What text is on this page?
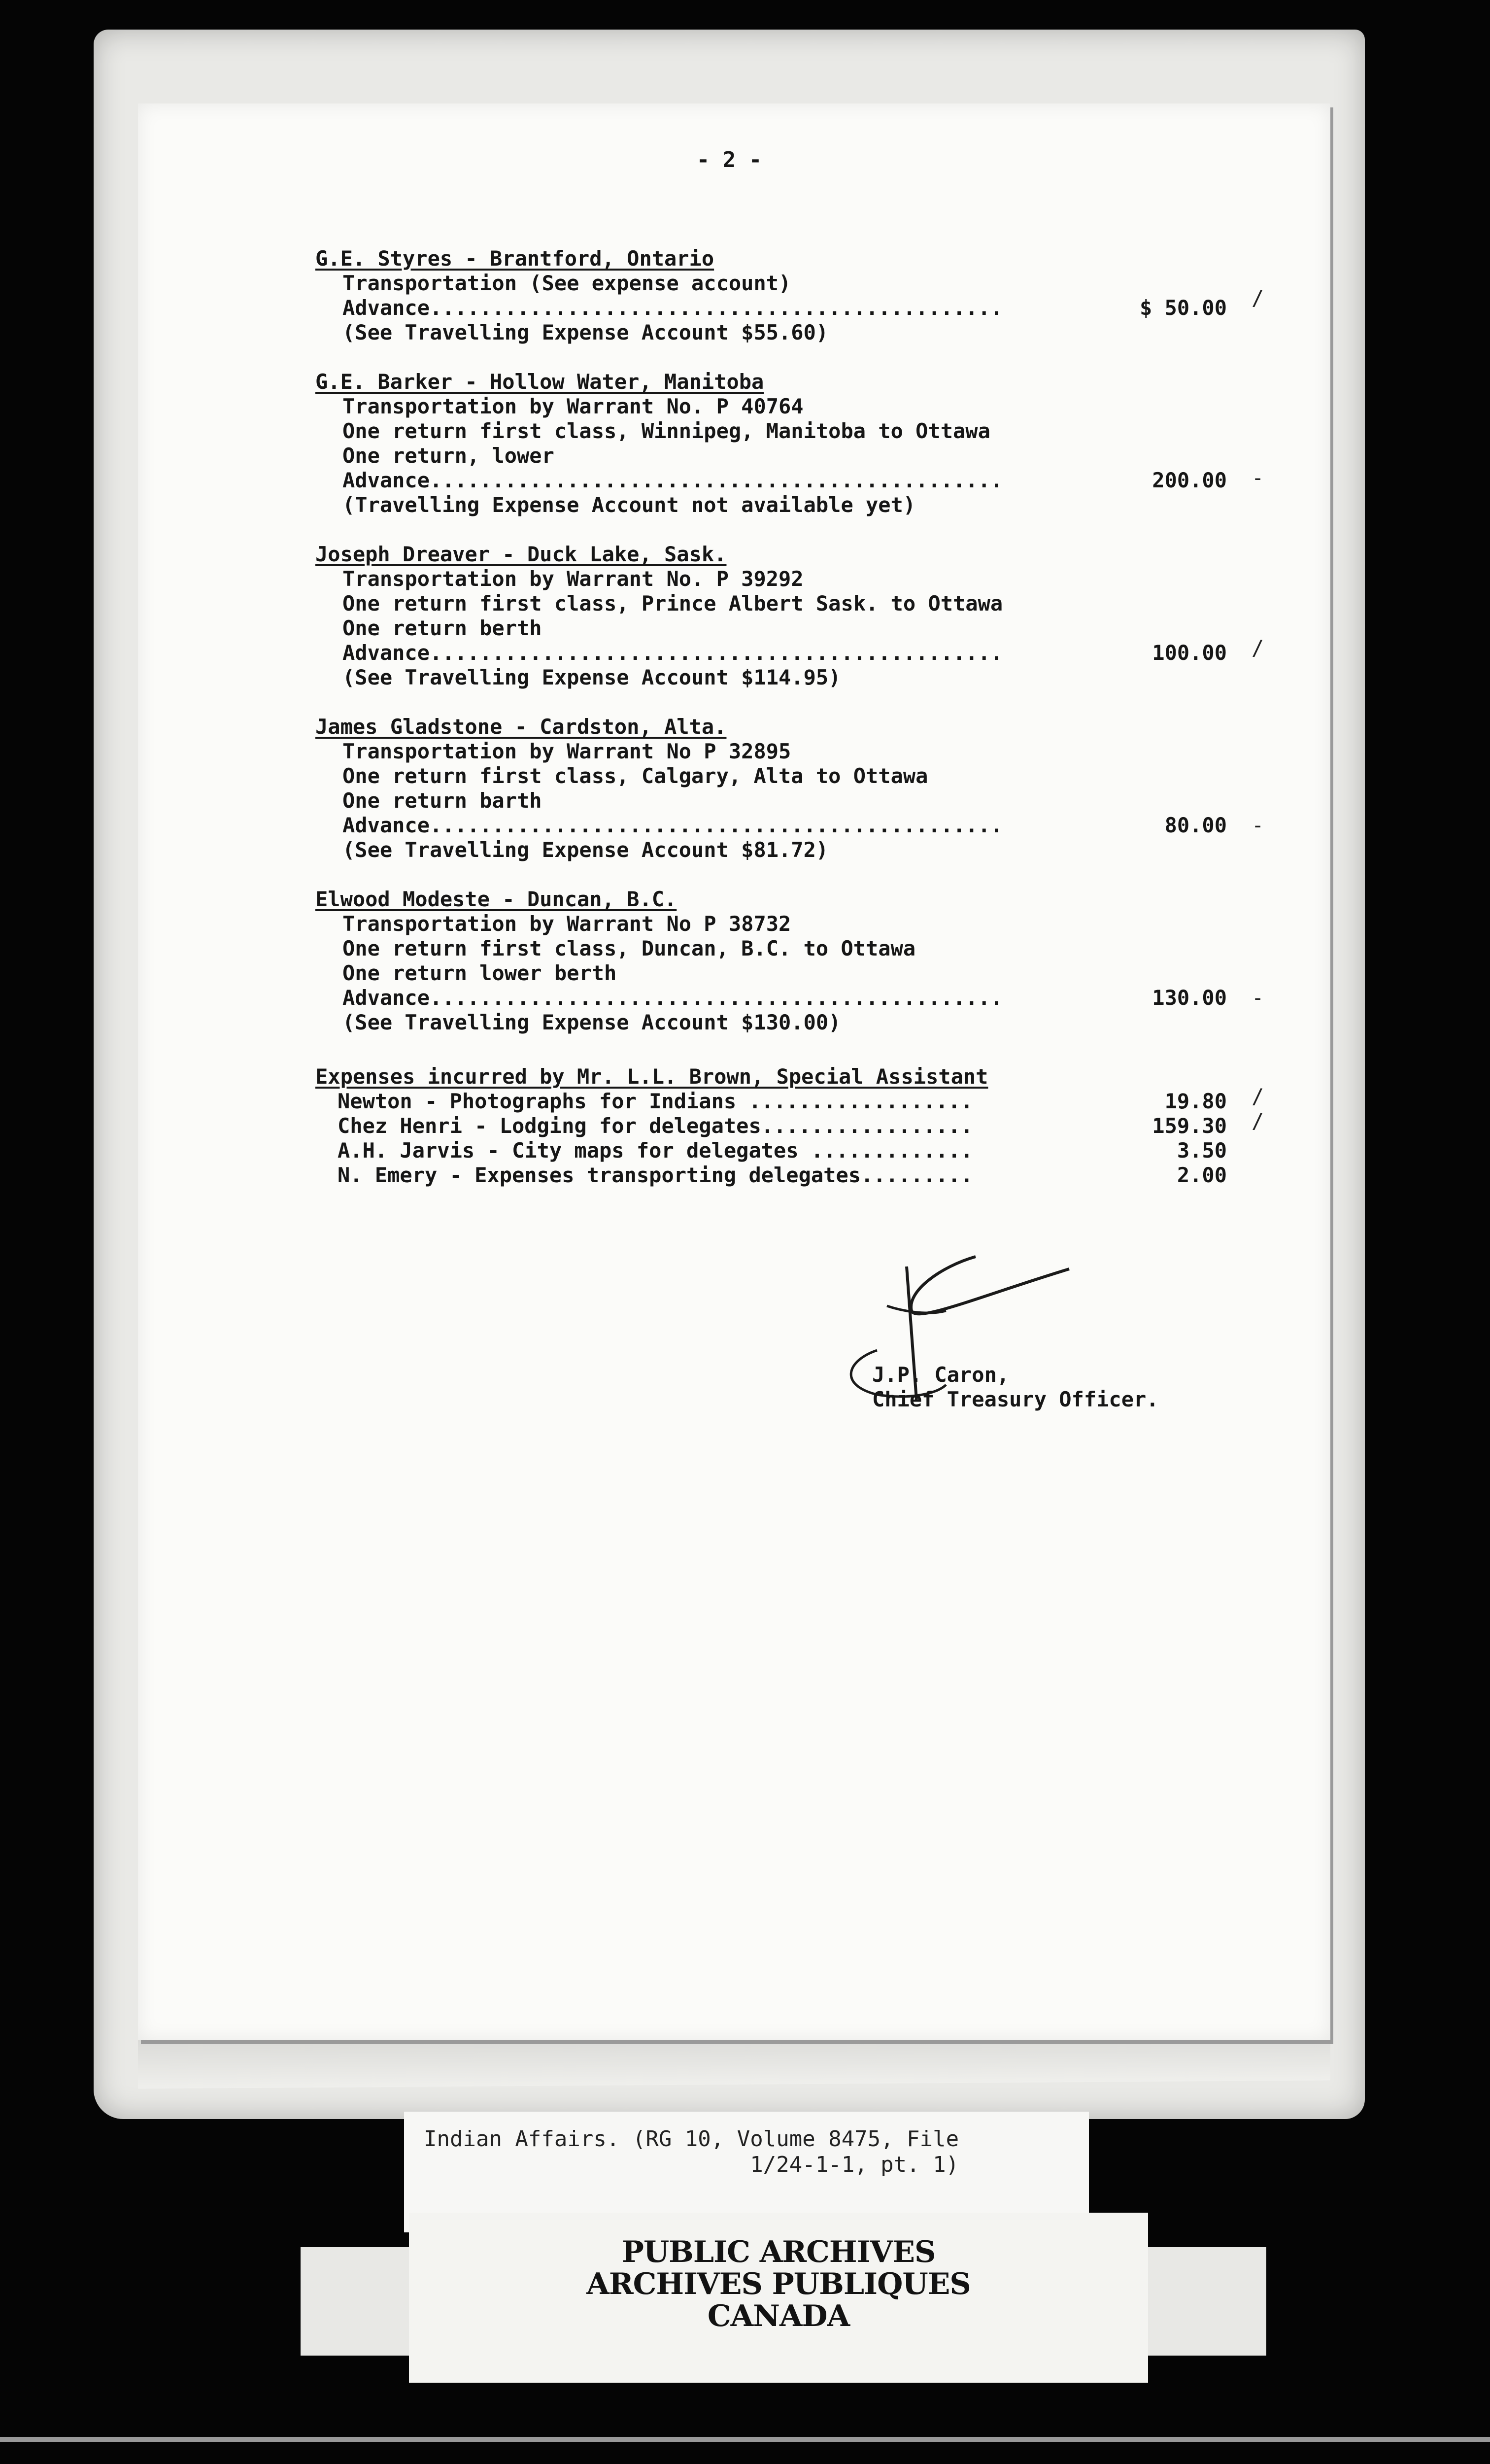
- 2 -
G.E. Styres - Brantford, Ontario
Transportation (See expense account)
Advance..............................................
(See Travelling Expense Account $55.60)
$ 50.00 /
G.E. Barker - Hollow Water, Manitoba
Transportation by Warrant No. P 40764
One return first class, Winnipeg, Manitoba to Ottawa
One return, lower
Advance..............................................
(Travelling Expense Account not available yet)
200.00 -
Joseph Dreaver - Duck Lake, Sask.
Transportation by Warrant No. P 39292
One return first class, Prince Albert Sask. to Ottawa
One return berth
Advance..............................................
(See Travelling Expense Account $114.95)
100.00 /
James Gladstone - Cardston, Alta.
Transportation by Warrant No P 32895
One return first class, Calgary, Alta to Ottawa
One return barth
Advance..............................................
(See Travelling Expense Account $81.72)
80.00 -
Elwood Modeste - Duncan, B.C.
Transportation by Warrant No P 38732
One return first class, Duncan, B.C. to Ottawa
One return lower berth
Advance..............................................
(See Travelling Expense Account $130.00)
130.00 -
Expenses incurred by Mr. L.L. Brown, Special Assistant
Newton - Photographs for Indians ..................
Chez Henri - Lodging for delegates.................
A.H. Jarvis - City maps for delegates .............
N. Emery - Expenses transporting delegates.........
19.80
159.30
3.50
2.00
/
/
J.P. Caron,
Chief Treasury Officer.
Indian Affairs. (RG 10, Volume 8475, File
1/24-1-1, pt. 1)
PUBLIC ARCHIVES
ARCHIVES PUBLIQUES
CANADA
